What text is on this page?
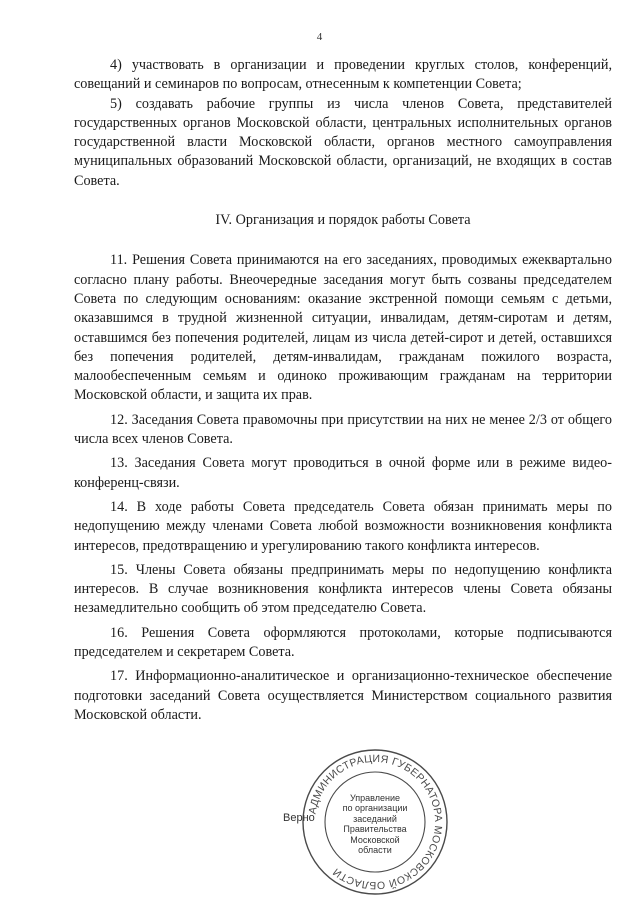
4

4) участвовать в организации и проведении круглых столов, конференций, совещаний и семинаров по вопросам, отнесенным к компетенции Совета;

5) создавать рабочие группы из числа членов Совета, представителей государственных органов Московской области, центральных исполнительных органов государственной власти Московской области, органов местного самоуправления муниципальных образований Московской области, организаций, не входящих в состав Совета.

IV. Организация и порядок работы Совета

11. Решения Совета принимаются на его заседаниях, проводимых ежеквартально согласно плану работы. Внеочередные заседания могут быть созваны председателем Совета по следующим основаниям: оказание экстренной помощи семьям с детьми, оказавшимся в трудной жизненной ситуации, инвалидам, детям-сиротам и детям, оставшимся без попечения родителей, лицам из числа детей-сирот и детей, оставшихся без попечения родителей, детям-инвалидам, гражданам пожилого возраста, малообеспеченным семьям и одиноко проживающим гражданам на территории Московской области, и защита их прав.

12. Заседания Совета правомочны при присутствии на них не менее 2/3 от общего числа всех членов Совета.

13. Заседания Совета могут проводиться в очной форме или в режиме видео-конференц-связи.

14. В ходе работы Совета председатель Совета обязан принимать меры по недопущению между членами Совета любой возможности возникновения конфликта интересов, предотвращению и урегулированию такого конфликта интересов.

15. Члены Совета обязаны предпринимать меры по недопущению конфликта интересов. В случае возникновения конфликта интересов члены Совета обязаны незамедлительно сообщить об этом председателю Совета.

16. Решения Совета оформляются протоколами, которые подписываются председателем и секретарем Совета.

17. Информационно-аналитическое и организационно-техническое обеспечение подготовки заседаний Совета осуществляется Министерством социального развития Московской области.

АДМИНИСТРАЦИЯ ГУБЕРНАТОРА МОСКОВСКОЙ ОБЛАСТИ
Управление
по организации
заседаний
Правительства
Московской
области
Верно
